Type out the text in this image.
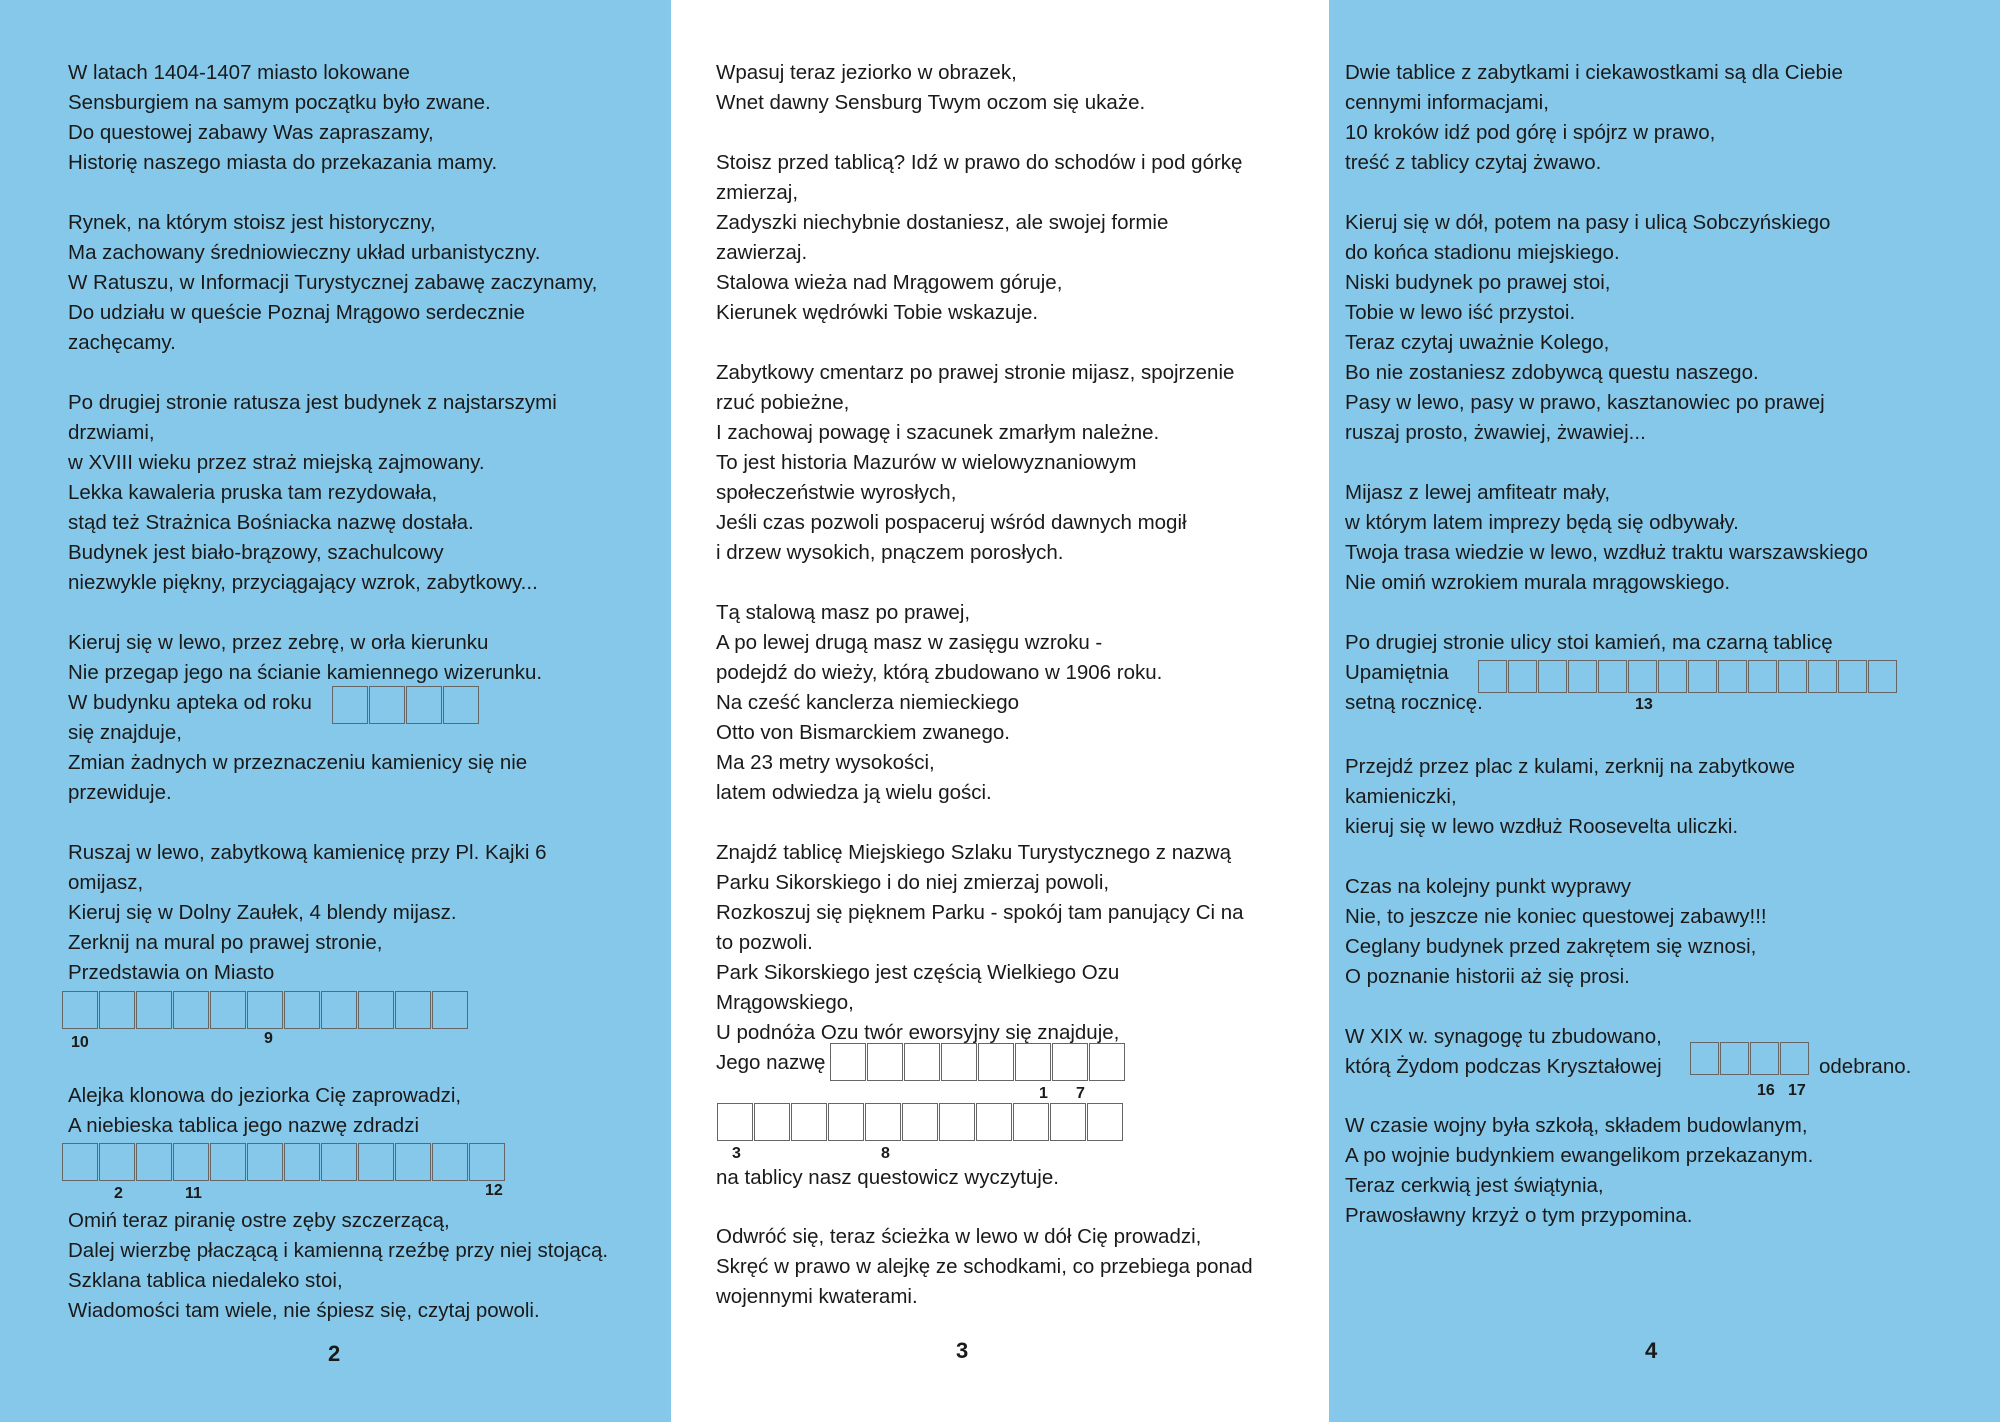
W latach 1404-1407 miasto lokowane
Sensburgiem na samym początku było zwane.
Do questowej zabawy Was zapraszamy,
Historię naszego miasta do przekazania mamy.
Rynek, na którym stoisz jest historyczny,
Ma zachowany średniowieczny układ urbanistyczny.
W Ratuszu, w Informacji Turystycznej zabawę zaczynamy,
Do udziału w queście Poznaj Mrągowo serdecznie
zachęcamy.
Po drugiej stronie ratusza jest budynek z najstarszymi
drzwiami,
w XVIII wieku przez straż miejską zajmowany.
Lekka kawaleria pruska tam rezydowała,
stąd też Strażnica Bośniacka nazwę dostała.
Budynek jest biało-brązowy, szachulcowy
niezwykle piękny, przyciągający wzrok, zabytkowy...
Kieruj się w lewo, przez zebrę, w orła kierunku
Nie przegap jego na ścianie kamiennego wizerunku.
W budynku apteka od roku
się znajduje,
Zmian żadnych w przeznaczeniu kamienicy się nie
przewiduje.
Ruszaj w lewo, zabytkową kamienicę przy Pl. Kajki 6
omijasz,
Kieruj się w Dolny Zaułek, 4 blendy mijasz.
Zerknij na mural po prawej stronie,
Przedstawia on Miasto
10	9
Alejka klonowa do jeziorka Cię zaprowadzi,
A niebieska tablica jego nazwę zdradzi
2	11	12
Omiń teraz piranię ostre zęby szczerzącą,
Dalej wierzbę płaczącą i kamienną rzeźbę przy niej stojącą.
Szklana tablica niedaleko stoi,
Wiadomości tam wiele, nie śpiesz się, czytaj powoli.
2
Wpasuj teraz jeziorko w obrazek,
Wnet dawny Sensburg Twym oczom się ukaże.
Stoisz przed tablicą? Idź w prawo do schodów i pod górkę
zmierzaj,
Zadyszki niechybnie dostaniesz, ale swojej formie
zawierzaj.
Stalowa wieża nad Mrągowem góruje,
Kierunek wędrówki Tobie wskazuje.
Zabytkowy cmentarz po prawej stronie mijasz, spojrzenie
rzuć pobieżne,
I zachowaj powagę i szacunek zmarłym należne.
To jest historia Mazurów w wielowyznaniowym
społeczeństwie wyrosłych,
Jeśli czas pozwoli pospaceruj wśród dawnych mogił
i drzew wysokich, pnączem porosłych.
Tą stalową masz po prawej,
A po lewej drugą masz w zasięgu wzroku -
podejdź do wieży, którą zbudowano w 1906 roku.
Na cześć kanclerza niemieckiego
Otto von Bismarckiem zwanego.
Ma 23 metry wysokości,
latem odwiedza ją wielu gości.
Znajdź tablicę Miejskiego Szlaku Turystycznego z nazwą
Parku Sikorskiego i do niej zmierzaj powoli,
Rozkoszuj się pięknem Parku - spokój tam panujący Ci na
to pozwoli.
Park Sikorskiego jest częścią Wielkiego Ozu
Mrągowskiego,
U podnóża Ozu twór eworsyjny się znajduje,
Jego nazwę
1 7
3	8
na tablicy nasz questowicz wyczytuje.
Odwróć się, teraz ścieżka w lewo w dół Cię prowadzi,
Skręć w prawo w alejkę ze schodkami, co przebiega ponad
wojennymi kwaterami.
3
Dwie tablice z zabytkami i ciekawostkami są dla Ciebie
cennymi informacjami,
10 kroków idź pod górę i spójrz w prawo,
treść z tablicy czytaj żwawo.
Kieruj się w dół, potem na pasy i ulicą Sobczyńskiego
do końca stadionu miejskiego.
Niski budynek po prawej stoi,
Tobie w lewo iść przystoi.
Teraz czytaj uważnie Kolego,
Bo nie zostaniesz zdobywcą questu naszego.
Pasy w lewo, pasy w prawo, kasztanowiec po prawej
ruszaj prosto, żwawiej, żwawiej...
Mijasz z lewej amfiteatr mały,
w którym latem imprezy będą się odbywały.
Twoja trasa wiedzie w lewo, wzdłuż traktu warszawskiego
Nie omiń wzrokiem murala mrągowskiego.
Po drugiej stronie ulicy stoi kamień, ma czarną tablicę
Upamiętnia
setną rocznicę.	13
Przejdź przez plac z kulami, zerknij na zabytkowe
kamieniczki,
kieruj się w lewo wzdłuż Roosevelta uliczki.
Czas na kolejny punkt wyprawy
Nie, to jeszcze nie koniec questowej zabawy!!!
Ceglany budynek przed zakrętem się wznosi,
O poznanie historii aż się prosi.
W XIX w. synagogę tu zbudowano,
którą Żydom podczas Kryształowej	odebrano.
16 17
W czasie wojny była szkołą, składem budowlanym,
A po wojnie budynkiem ewangelikom przekazanym.
Teraz cerkwią jest świątynia,
Prawosławny krzyż o tym przypomina.
4
